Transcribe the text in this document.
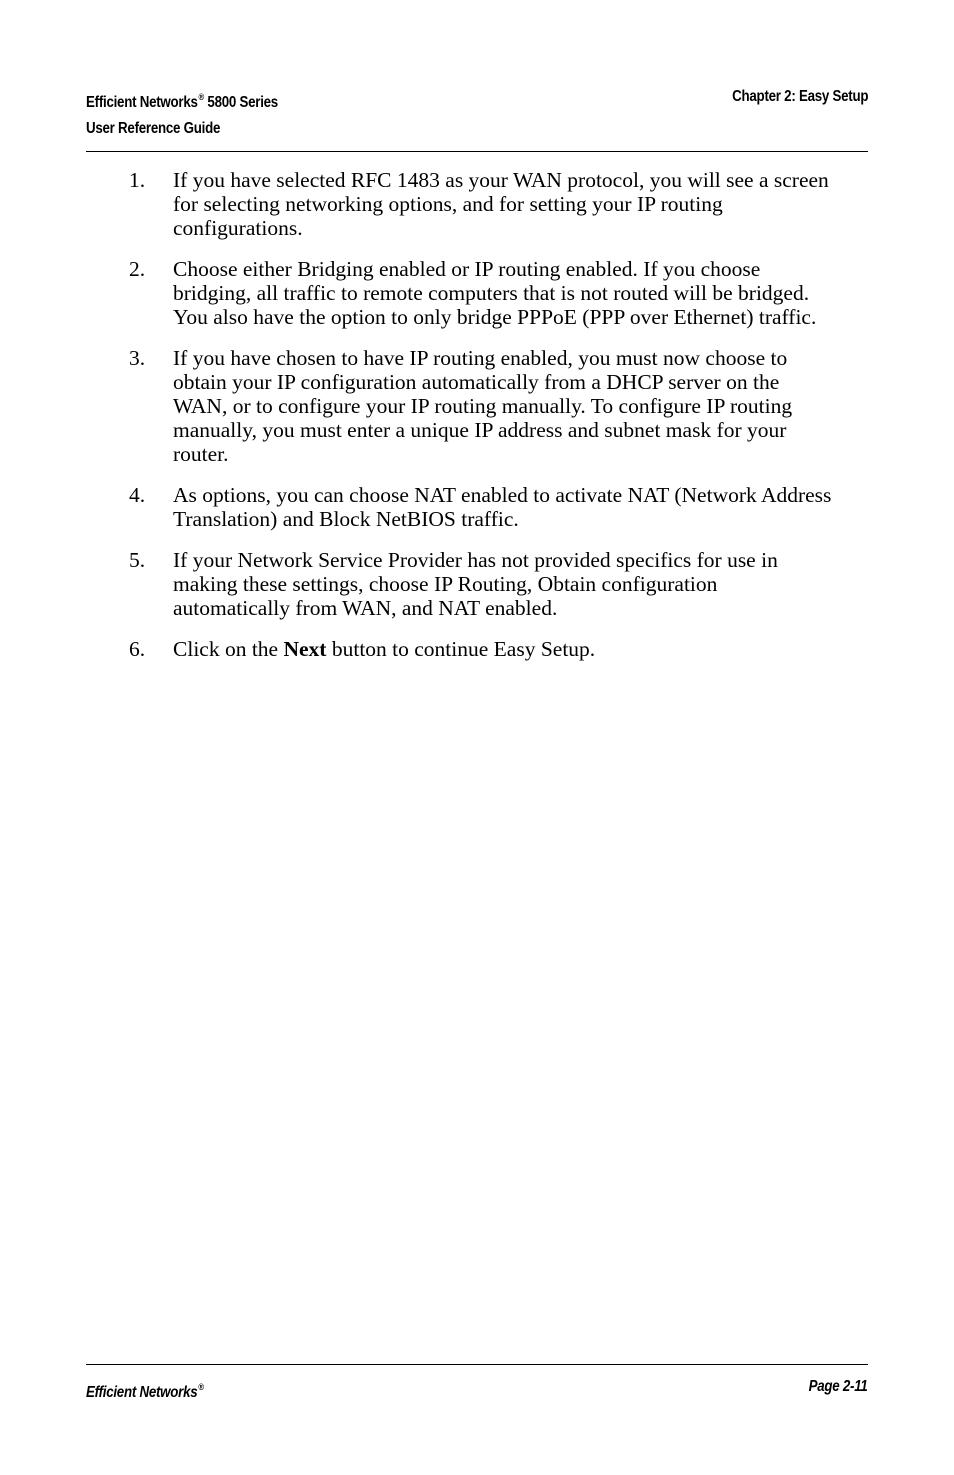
Efficient Networks® 5800 Series
User Reference Guide
Chapter 2: Easy Setup
1. If you have selected RFC 1483 as your WAN protocol, you will see a screen for selecting networking options, and for setting your IP routing configurations.
2. Choose either Bridging enabled or IP routing enabled. If you choose bridging, all traffic to remote computers that is not routed will be bridged. You also have the option to only bridge PPPoE (PPP over Ethernet) traffic.
3. If you have chosen to have IP routing enabled, you must now choose to obtain your IP configuration automatically from a DHCP server on the WAN, or to configure your IP routing manually. To configure IP routing manually, you must enter a unique IP address and subnet mask for your router.
4. As options, you can choose NAT enabled to activate NAT (Network Address Translation) and Block NetBIOS traffic.
5. If your Network Service Provider has not provided specifics for use in making these settings, choose IP Routing, Obtain configuration automatically from WAN, and NAT enabled.
6. Click on the Next button to continue Easy Setup.
Efficient Networks®	Page 2-11
